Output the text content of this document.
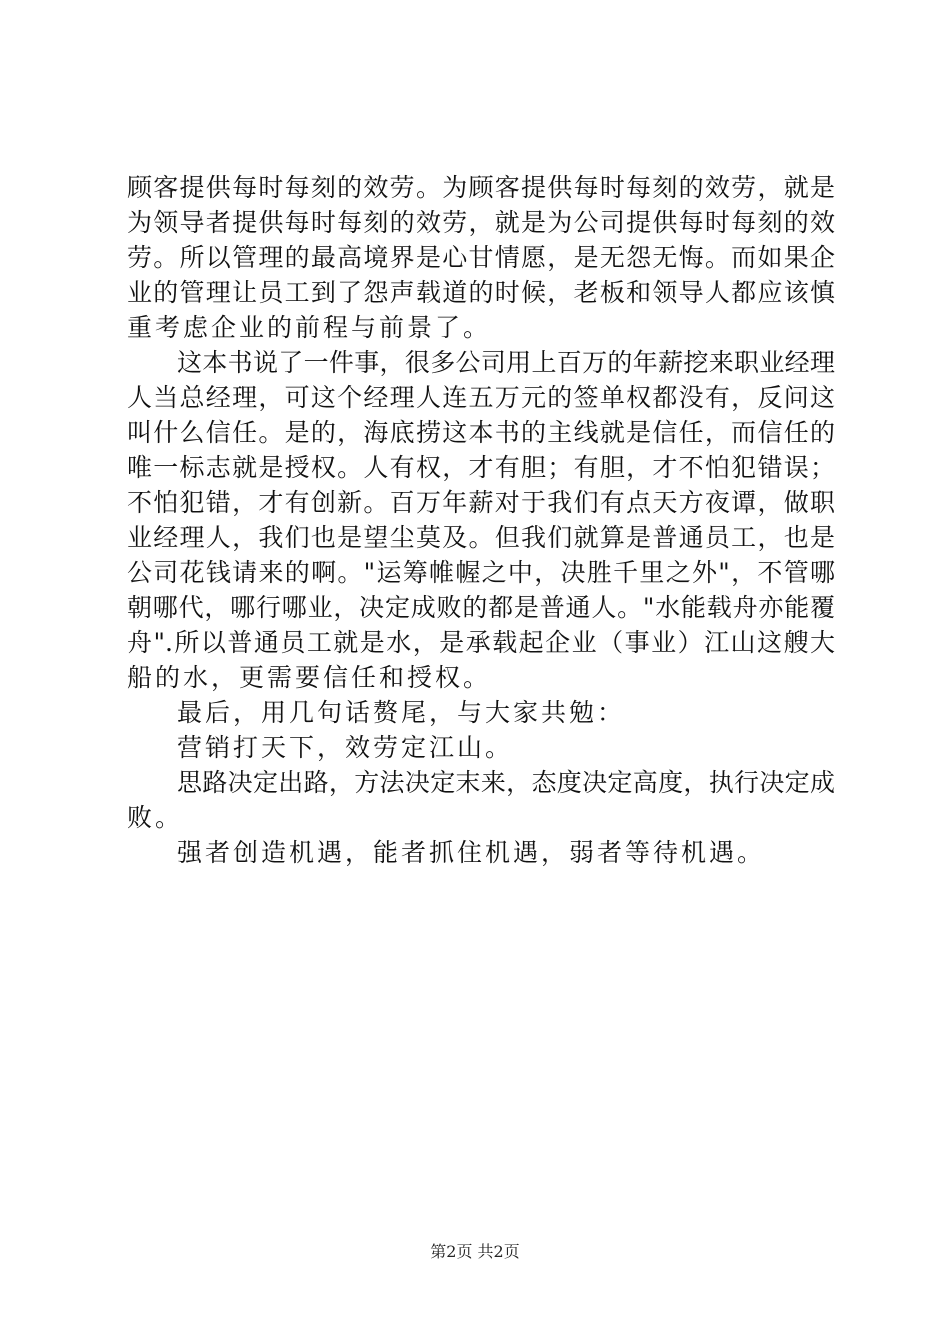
顾客提供每时每刻的效劳。为顾客提供每时每刻的效劳，就是
为领导者提供每时每刻的效劳，就是为公司提供每时每刻的效
劳。所以管理的最高境界是心甘情愿，是无怨无悔。而如果企
业的管理让员工到了怨声载道的时候，老板和领导人都应该慎
重考虑企业的前程与前景了。
这本书说了一件事，很多公司用上百万的年薪挖来职业经理
人当总经理，可这个经理人连五万元的签单权都没有，反问这
叫什么信任。是的，海底捞这本书的主线就是信任，而信任的
唯一标志就是授权。人有权，才有胆；有胆，才不怕犯错误；
不怕犯错，才有创新。百万年薪对于我们有点天方夜谭，做职
业经理人，我们也是望尘莫及。但我们就算是普通员工，也是
公司花钱请来的啊。"运筹帷幄之中，决胜千里之外"，不管哪
朝哪代，哪行哪业，决定成败的都是普通人。"水能载舟亦能覆
舟".所以普通员工就是水，是承载起企业（事业）江山这艘大
船的水，更需要信任和授权。
最后，用几句话赘尾，与大家共勉：
营销打天下，效劳定江山。
思路决定出路，方法决定末来，态度决定高度，执行决定成
败。
强者创造机遇，能者抓住机遇，弱者等待机遇。
第2页 共2页
